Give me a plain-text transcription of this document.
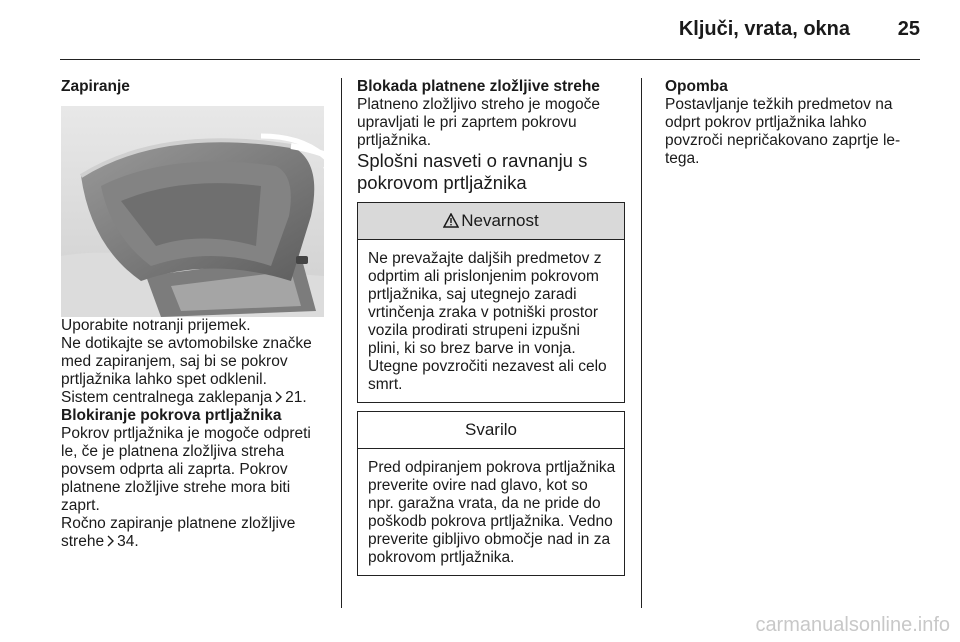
Ključi, vrata, okna	25

Zapiranje

Uporabite notranji prijemek.

Ne dotikajte se avtomobilske značke med zapiranjem, saj bi se pokrov prtljažnika lahko spet odklenil.

Sistem centralnega zaklepanja 21.

Blokiranje pokrova prtljažnika

Pokrov prtljažnika je mogoče odpreti le, če je platnena zložljiva streha povsem odprta ali zaprta. Pokrov platnene zložljive strehe mora biti zaprt.

Ročno zapiranje platnene zložljive strehe 34.

Blokada platnene zložljive strehe

Platneno zložljivo streho je mogoče upravljati le pri zaprtem pokrovu prtljažnika.

Splošni nasveti o ravnanju s pokrovom prtljažnika

Nevarnost
Ne prevažajte daljših predmetov z odprtim ali prislonjenim pokrovom prtljažnika, saj utegnejo zaradi vrtinčenja zraka v potniški prostor vozila prodirati strupeni izpušni plini, ki so brez barve in vonja. Utegne povzročiti nezavest ali celo smrt.
Svarilo
Pred odpiranjem pokrova prtljažnika preverite ovire nad glavo, kot so npr. garažna vrata, da ne pride do poškodb pokrova prtljažnika. Vedno preverite gibljivo območje nad in za pokrovom prtljažnika.

Opomba

Postavljanje težkih predmetov na odprt pokrov prtljažnika lahko povzroči nepričakovano zaprtje le-tega.

carmanualsonline.info
